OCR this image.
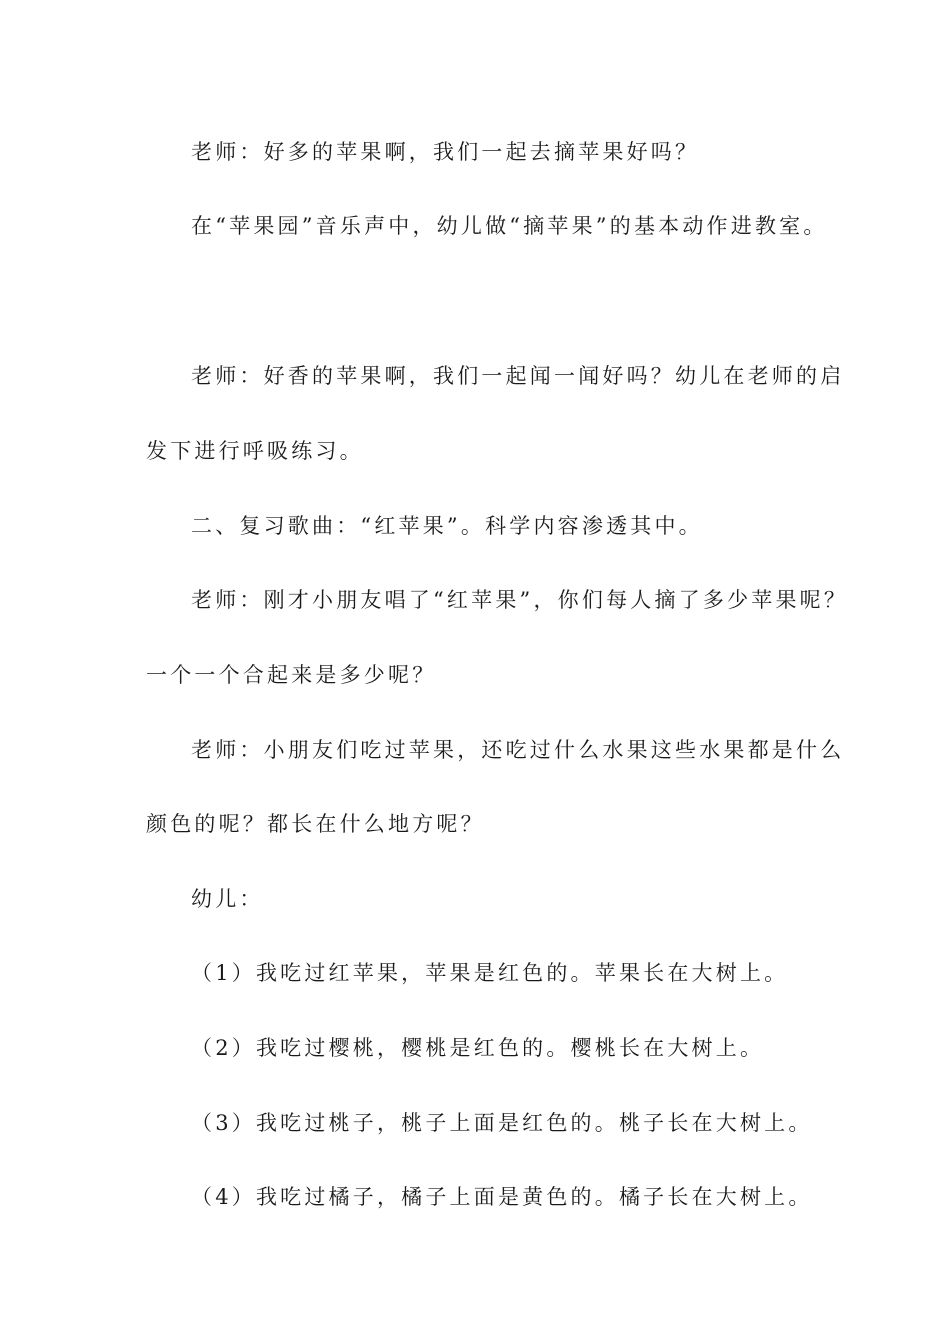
老师：好多的苹果啊，我们一起去摘苹果好吗？
在“苹果园”音乐声中，幼儿做“摘苹果”的基本动作进教室。
老师：好香的苹果啊，我们一起闻一闻好吗？幼儿在老师的启
发下进行呼吸练习。
二、复习歌曲：“红苹果”。科学内容渗透其中。
老师：刚才小朋友唱了“红苹果”，你们每人摘了多少苹果呢？
一个一个合起来是多少呢？
老师：小朋友们吃过苹果，还吃过什么水果这些水果都是什么
颜色的呢？都长在什么地方呢？
幼儿：
（1）我吃过红苹果，苹果是红色的。苹果长在大树上。
（2）我吃过樱桃，樱桃是红色的。樱桃长在大树上。
（3）我吃过桃子，桃子上面是红色的。桃子长在大树上。
（4）我吃过橘子，橘子上面是黄色的。橘子长在大树上。
